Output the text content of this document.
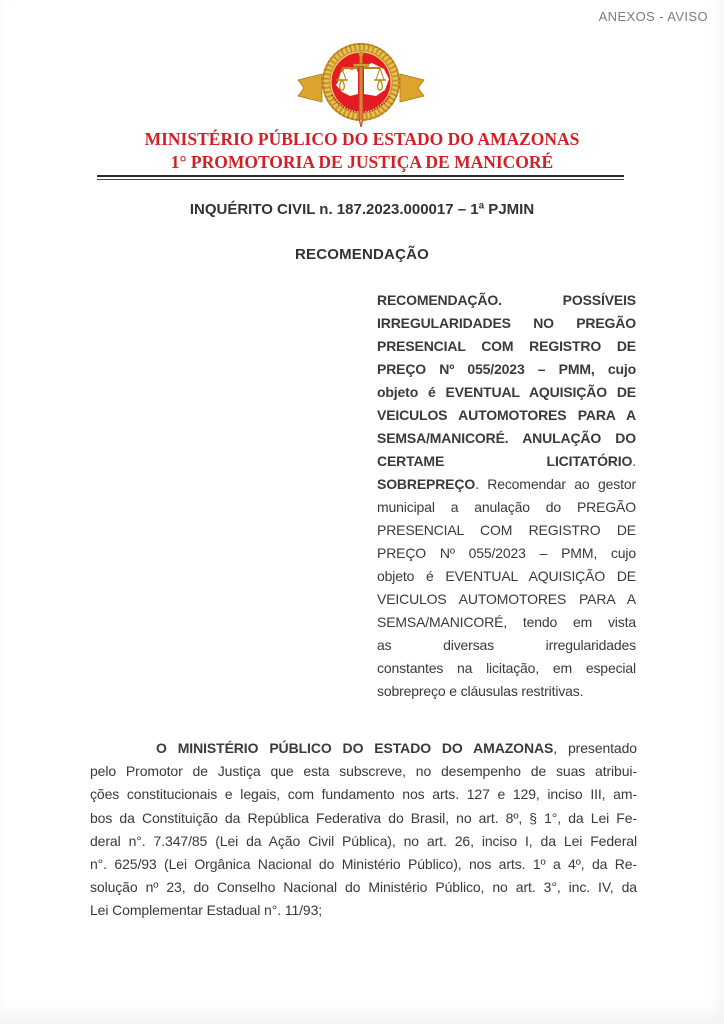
ANEXOS - AVISO
MINISTÉRIO PÚBLICO DO ESTADO DO AMAZONAS
1° PROMOTORIA DE JUSTIÇA DE MANICORÉ
INQUÉRITO CIVIL n. 187.2023.000017 – 1ª PJMIN
RECOMENDAÇÃO
RECOMENDAÇÃO. POSSÍVEIS
IRREGULARIDADES NO PREGÃO
PRESENCIAL COM REGISTRO DE
PREÇO Nº 055/2023 – PMM, cujo
objeto é EVENTUAL AQUISIÇÃO DE
VEICULOS AUTOMOTORES PARA A
SEMSA/MANICORÉ. ANULAÇÃO DO
CERTAME LICITATÓRIO.
SOBREPREÇO. Recomendar ao gestor
municipal a anulação do PREGÃO
PRESENCIAL COM REGISTRO DE
PREÇO Nº 055/2023 – PMM, cujo
objeto é EVENTUAL AQUISIÇÃO DE
VEICULOS AUTOMOTORES PARA A
SEMSA/MANICORÉ, tendo em vista
as diversas irregularidades
constantes na licitação, em especial
sobrepreço e cláusulas restritivas.
O MINISTÉRIO PÚBLICO DO ESTADO DO AMAZONAS, presentado
pelo Promotor de Justiça que esta subscreve, no desempenho de suas atribui-
ções constitucionais e legais, com fundamento nos arts. 127 e 129, inciso III, am-
bos da Constituição da República Federativa do Brasil, no art. 8º, § 1°, da Lei Fe-
deral n°. 7.347/85 (Lei da Ação Civil Pública), no art. 26, inciso I, da Lei Federal
n°. 625/93 (Lei Orgânica Nacional do Ministério Público), nos arts. 1º a 4º, da Re-
solução nº 23, do Conselho Nacional do Ministério Público, no art. 3°, inc. IV, da
Lei Complementar Estadual n°. 11/93;
